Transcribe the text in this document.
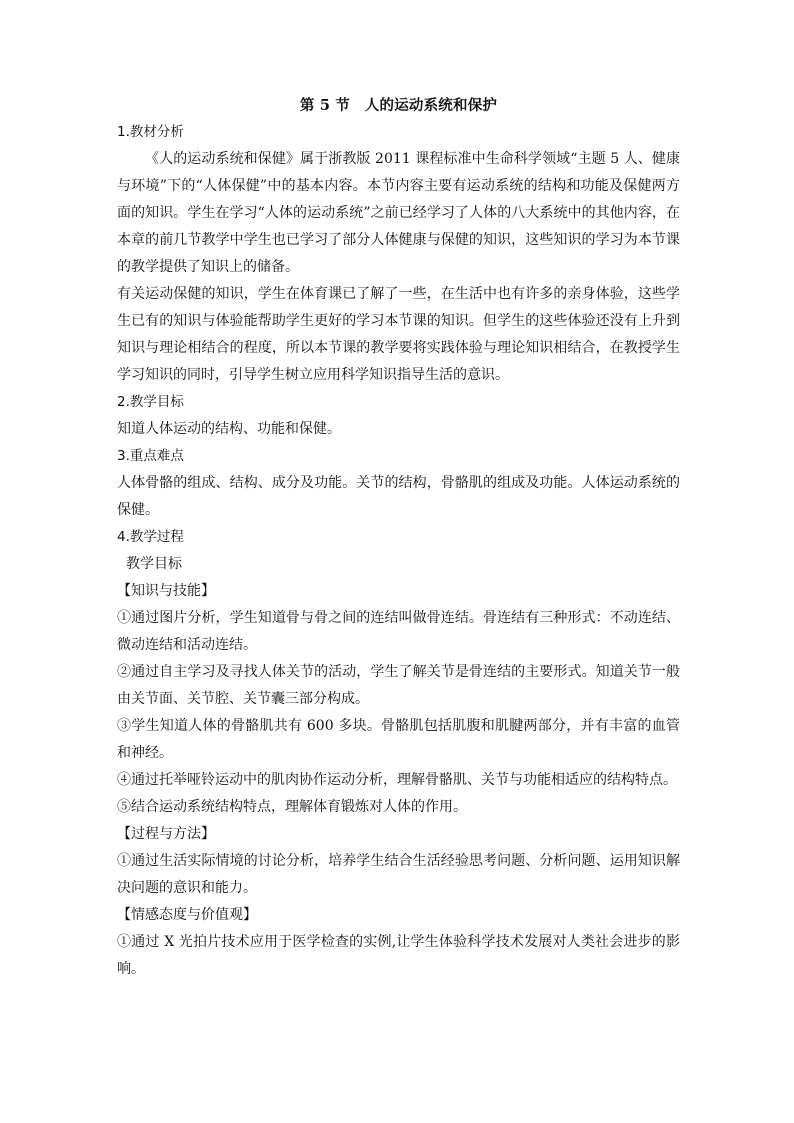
第 5 节　人的运动系统和保护

1.教材分析

《人的运动系统和保健》属于浙教版 2011 课程标准中生命科学领域“主题 5 人、健康与环境”下的“人体保健”中的基本内容。本节内容主要有运动系统的结构和功能及保健两方面的知识。学生在学习“人体的运动系统”之前已经学习了人体的八大系统中的其他内容，在本章的前几节教学中学生也已学习了部分人体健康与保健的知识，这些知识的学习为本节课的教学提供了知识上的储备。

有关运动保健的知识，学生在体育课已了解了一些，在生活中也有许多的亲身体验，这些学生已有的知识与体验能帮助学生更好的学习本节课的知识。但学生的这些体验还没有上升到知识与理论相结合的程度，所以本节课的教学要将实践体验与理论知识相结合，在教授学生学习知识的同时，引导学生树立应用科学知识指导生活的意识。

2.教学目标

知道人体运动的结构、功能和保健。

3.重点难点

人体骨骼的组成、结构、成分及功能。关节的结构，骨骼肌的组成及功能。人体运动系统的保健。

4.教学过程

教学目标

【知识与技能】

①通过图片分析，学生知道骨与骨之间的连结叫做骨连结。骨连结有三种形式：不动连结、微动连结和活动连结。

②通过自主学习及寻找人体关节的活动，学生了解关节是骨连结的主要形式。知道关节一般由关节面、关节腔、关节囊三部分构成。

③学生知道人体的骨骼肌共有 600 多块。骨骼肌包括肌腹和肌腱两部分，并有丰富的血管和神经。

④通过托举哑铃运动中的肌肉协作运动分析，理解骨骼肌、关节与功能相适应的结构特点。

⑤结合运动系统结构特点，理解体育锻炼对人体的作用。

【过程与方法】

①通过生活实际情境的讨论分析，培养学生结合生活经验思考问题、分析问题、运用知识解决问题的意识和能力。

【情感态度与价值观】

①通过 X 光拍片技术应用于医学检查的实例,让学生体验科学技术发展对人类社会进步的影响。
